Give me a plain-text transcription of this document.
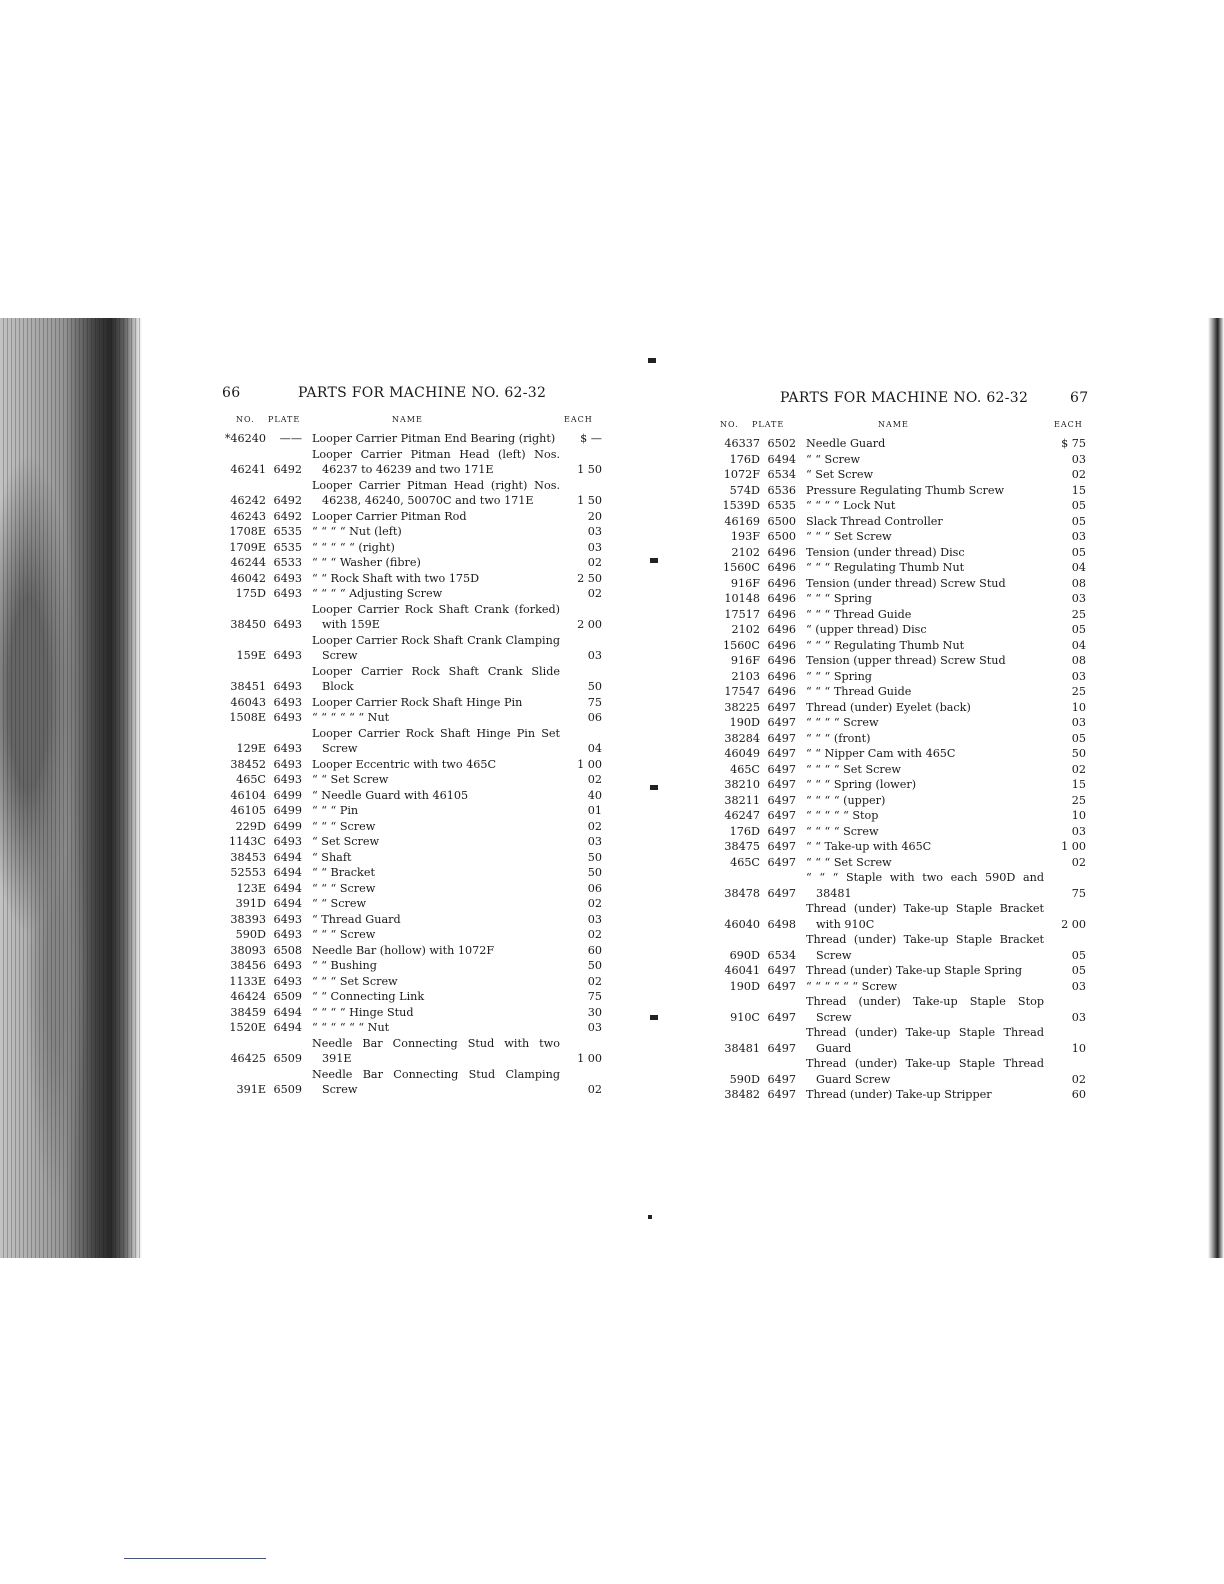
66	PARTS FOR MACHINE NO. 62-32
NO. PLATE	NAME	EACH
*46240	—— Looper Carrier Pitman End Bearing (right)	$ —
46241 6492
Looper Carrier Pitman Head (left) Nos. 46237 to 46239 and two 171E	1 50
46242 6492
Looper Carrier Pitman Head (right) Nos. 46238, 46240, 50070C and two 171E	1 50
46243 6492 Looper Carrier Pitman Rod	20
1708E 6535 “ “ “ “ Nut (left)	03
1709E 6535 “ “ “ “ “ (right)	03
46244 6533 “ “ “ Washer (fibre)	02
46042 6493 “ “ Rock Shaft with two 175D	2 50
175D 6493 “ “ “ “ Adjusting Screw	02
38450 6493
Looper Carrier Rock Shaft Crank (forked) with 159E	2 00
159E 6493
Looper Carrier Rock Shaft Crank Clamping Screw	03
38451 6493
Looper Carrier Rock Shaft Crank Slide Block	50
46043 6493 Looper Carrier Rock Shaft Hinge Pin	75
1508E 6493 “ “ “ “ “ “ Nut	06
129E 6493
Looper Carrier Rock Shaft Hinge Pin Set Screw	04
38452 6493 Looper Eccentric with two 465C	1 00
465C 6493 “ “ Set Screw	02
46104 6499 “ Needle Guard with 46105	40
46105 6499 “ “ “ Pin	01
229D 6499 “ “ “ Screw	02
1143C 6493 “ Set Screw	03
38453 6494 “ Shaft	50
52553 6494 “ “ Bracket	50
123E 6494 “ “ “ Screw	06
391D 6494 “ “ Screw	02
38393 6493 “ Thread Guard	03
590D 6493 “ “ “ Screw	02
38093 6508 Needle Bar (hollow) with 1072F	60
38456 6493 “ “ Bushing	50
1133E 6493 “ “ “ Set Screw	02
46424 6509 “ “ Connecting Link	75
38459 6494 “ “ “ “ Hinge Stud	30
1520E 6494 “ “ “ “ “ “ Nut	03
46425 6509
Needle Bar Connecting Stud with two 391E	1 00
391E 6509
Needle Bar Connecting Stud Clamping Screw	02
PARTS FOR MACHINE NO. 62-32	67
NO. PLATE	NAME	EACH
46337 6502 Needle Guard	$ 75
176D 6494 “ “ Screw	03
1072F 6534 “ Set Screw	02
574D 6536 Pressure Regulating Thumb Screw	15
1539D 6535 “ “ “ “ Lock Nut	05
46169 6500 Slack Thread Controller	05
193F 6500 “ “ “ Set Screw	03
2102 6496 Tension (under thread) Disc	05
1560C 6496 “ “ “ Regulating Thumb Nut	04
916F 6496 Tension (under thread) Screw Stud	08
10148 6496 “ “ “ Spring	03
17517 6496 “ “ “ Thread Guide	25
2102 6496 “ (upper thread) Disc	05
1560C 6496 “ “ “ Regulating Thumb Nut	04
916F 6496 Tension (upper thread) Screw Stud	08
2103 6496 “ “ “ Spring	03
17547 6496 “ “ “ Thread Guide	25
38225 6497 Thread (under) Eyelet (back)	10
190D 6497 “ “ “ “ Screw	03
38284 6497 “ “ “ (front)	05
46049 6497 “ “ Nipper Cam with 465C	50
465C 6497 “ “ “ “ Set Screw	02
38210 6497 “ “ “ Spring (lower)	15
38211 6497 “ “ “ “ (upper)	25
46247 6497 “ “ “ “ “ Stop	10
176D 6497 “ “ “ “ Screw	03
38475 6497 “ “ Take-up with 465C	1 00
465C 6497 “ “ “ Set Screw	02
38478 6497
“ “ “ Staple with two each 590D and 38481	75
46040 6498
Thread (under) Take-up Staple Bracket with 910C	2 00
690D 6534
Thread (under) Take-up Staple Bracket Screw	05
46041 6497 Thread (under) Take-up Staple Spring	05
190D 6497 “ “ “ “ “ “ Screw	03
910C 6497
Thread (under) Take-up Staple Stop Screw	03
38481 6497
Thread (under) Take-up Staple Thread Guard	10
590D 6497
Thread (under) Take-up Staple Thread Guard Screw	02
38482 6497 Thread (under) Take-up Stripper	60
